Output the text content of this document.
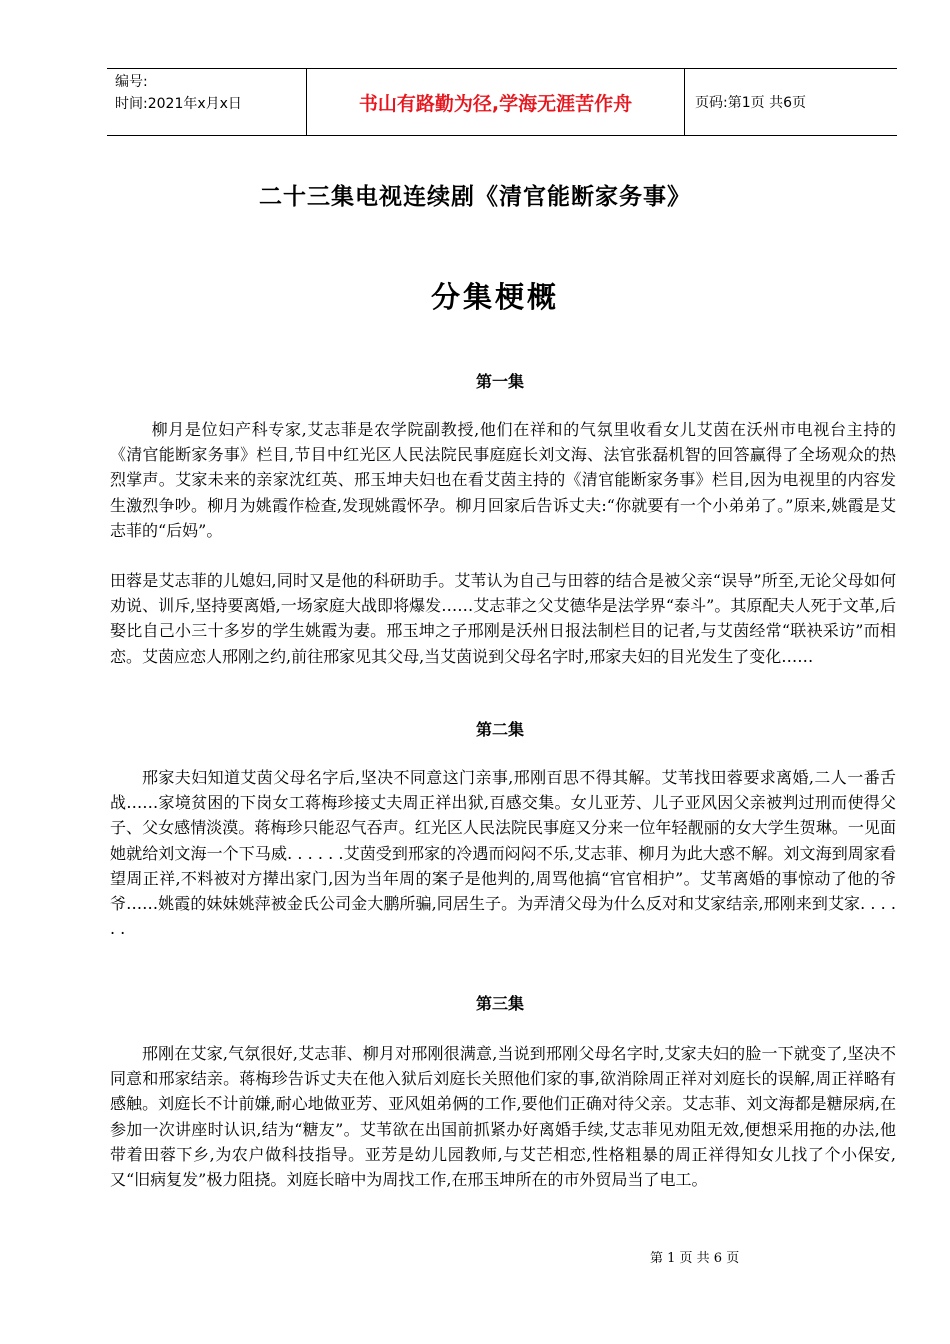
编号:
时间:2021年x月x日	书山有路勤为径,学海无涯苦作舟	页码:第1页 共6页
二十三集电视连续剧《清官能断家务事》
分集梗概
第一集

柳月是位妇产科专家,艾志菲是农学院副教授,他们在祥和的气氛里收看女儿艾茵在沃州市电视台主持的《清官能断家务事》栏目,节目中红光区人民法院民事庭庭长刘文海、法官张磊机智的回答赢得了全场观众的热烈掌声。艾家未来的亲家沈红英、邢玉坤夫妇也在看艾茵主持的《清官能断家务事》栏目,因为电视里的内容发生激烈争吵。柳月为姚霞作检查,发现姚霞怀孕。柳月回家后告诉丈夫:“你就要有一个小弟弟了。”原来,姚霞是艾志菲的“后妈”。

田蓉是艾志菲的儿媳妇,同时又是他的科研助手。艾苇认为自己与田蓉的结合是被父亲“误导”所至,无论父母如何劝说、训斥,坚持要离婚,一场家庭大战即将爆发……艾志菲之父艾德华是法学界“泰斗”。其原配夫人死于文革,后娶比自己小三十多岁的学生姚霞为妻。邢玉坤之子邢刚是沃州日报法制栏目的记者,与艾茵经常“联袂采访”而相恋。艾茵应恋人邢刚之约,前往邢家见其父母,当艾茵说到父母名字时,邢家夫妇的目光发生了变化……

第二集

邢家夫妇知道艾茵父母名字后,坚决不同意这门亲事,邢刚百思不得其解。艾苇找田蓉要求离婚,二人一番舌战……家境贫困的下岗女工蒋梅珍接丈夫周正祥出狱,百感交集。女儿亚芳、儿子亚风因父亲被判过刑而使得父子、父女感情淡漠。蒋梅珍只能忍气吞声。红光区人民法院民事庭又分来一位年轻靓丽的女大学生贺琳。一见面她就给刘文海一个下马威. . . . . .艾茵受到邢家的冷遇而闷闷不乐,艾志菲、柳月为此大惑不解。刘文海到周家看望周正祥,不料被对方撵出家门,因为当年周的案子是他判的,周骂他搞“官官相护”。艾苇离婚的事惊动了他的爷爷……姚霞的妹妹姚萍被金氏公司金大鹏所骗,同居生子。为弄清父母为什么反对和艾家结亲,邢刚来到艾家. . . . . .

第三集

邢刚在艾家,气氛很好,艾志菲、柳月对邢刚很满意,当说到邢刚父母名字时,艾家夫妇的脸一下就变了,坚决不同意和邢家结亲。蒋梅珍告诉丈夫在他入狱后刘庭长关照他们家的事,欲消除周正祥对刘庭长的误解,周正祥略有感触。刘庭长不计前嫌,耐心地做亚芳、亚风姐弟俩的工作,要他们正确对待父亲。艾志菲、刘文海都是糖尿病,在参加一次讲座时认识,结为“糖友”。艾苇欲在出国前抓紧办好离婚手续,艾志菲见劝阻无效,便想采用拖的办法,他带着田蓉下乡,为农户做科技指导。亚芳是幼儿园教师,与艾芒相恋,性格粗暴的周正祥得知女儿找了个小保安,又“旧病复发”极力阻挠。刘庭长暗中为周找工作,在邢玉坤所在的市外贸局当了电工。

第 1 页 共 6 页
